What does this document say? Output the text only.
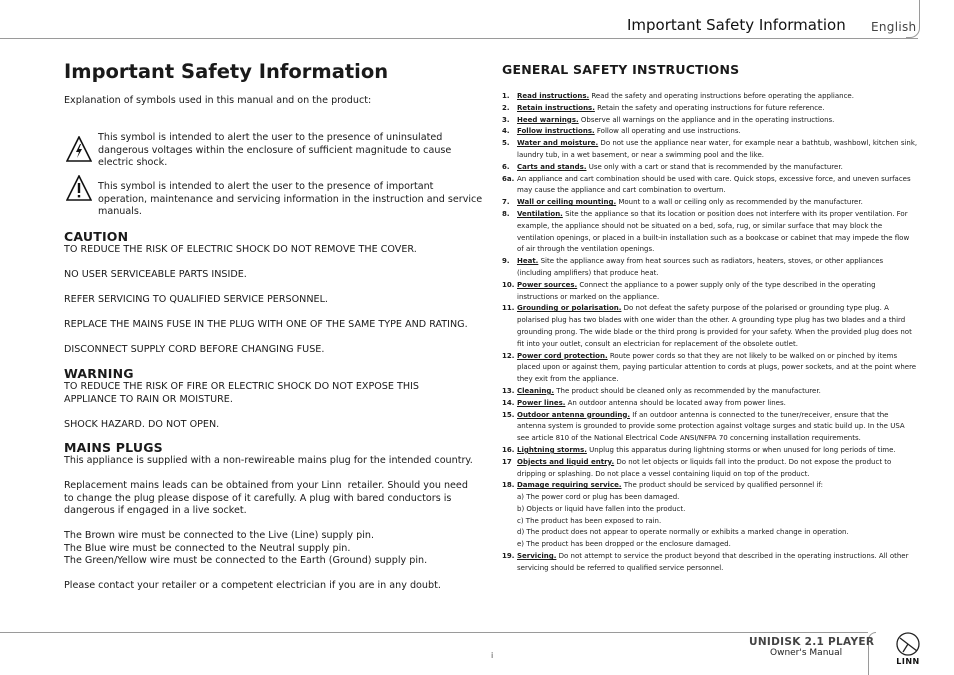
Important Safety Information English
Important Safety Information

Explanation of symbols used in this manual and on the product:

This symbol is intended to alert the user to the presence of uninsulated dangerous voltages within the enclosure of sufficient magnitude to cause electric shock.
This symbol is intended to alert the user to the presence of important operation, maintenance and servicing information in the instruction and service manuals.
CAUTION

TO REDUCE THE RISK OF ELECTRIC SHOCK DO NOT REMOVE THE COVER.

NO USER SERVICEABLE PARTS INSIDE.

REFER SERVICING TO QUALIFIED SERVICE PERSONNEL.

REPLACE THE MAINS FUSE IN THE PLUG WITH ONE OF THE SAME TYPE AND RATING.

DISCONNECT SUPPLY CORD BEFORE CHANGING FUSE.

WARNING

TO REDUCE THE RISK OF FIRE OR ELECTRIC SHOCK DO NOT EXPOSE THIS APPLIANCE TO RAIN OR MOISTURE.

SHOCK HAZARD. DO NOT OPEN.

MAINS PLUGS

This appliance is supplied with a non-rewireable mains plug for the intended country.

Replacement mains leads can be obtained from your Linn  retailer. Should you need to change the plug please dispose of it carefully. A plug with bared conductors is dangerous if engaged in a live socket.

The Brown wire must be connected to the Live (Line) supply pin.

The Blue wire must be connected to the Neutral supply pin.

The Green/Yellow wire must be connected to the Earth (Ground) supply pin.

Please contact your retailer or a competent electrician if you are in any doubt.

GENERAL SAFETY INSTRUCTIONS
1. Read instructions. Read the safety and operating instructions before operating the appliance.
2. Retain instructions. Retain the safety and operating instructions for future reference.
3. Heed warnings. Observe all warnings on the appliance and in the operating instructions.
4. Follow instructions. Follow all operating and use instructions.
5. Water and moisture. Do not use the appliance near water, for example near a bathtub, washbowl, kitchen sink, laundry tub, in a wet basement, or near a swimming pool and the like.
6. Carts and stands. Use only with a cart or stand that is recommended by the manufacturer.
6a. An appliance and cart combination should be used with care. Quick stops, excessive force, and uneven surfaces may cause the appliance and cart combination to overturn.
7. Wall or ceiling mounting. Mount to a wall or ceiling only as recommended by the manufacturer.
8. Ventilation. Site the appliance so that its location or position does not interfere with its proper ventilation. For example, the appliance should not be situated on a bed, sofa, rug, or similar surface that may block the ventilation openings, or placed in a built-in installation such as a bookcase or cabinet that may impede the flow of air through the ventilation openings.
9. Heat. Site the appliance away from heat sources such as radiators, heaters, stoves, or other appliances (including amplifiers) that produce heat.
10. Power sources. Connect the appliance to a power supply only of the type described in the operating instructions or marked on the appliance.
11. Grounding or polarisation. Do not defeat the safety purpose of the polarised or grounding type plug. A polarised plug has two blades with one wider than the other. A grounding type plug has two blades and a third grounding prong. The wide blade or the third prong is provided for your safety. When the provided plug does not fit into your outlet, consult an electrician for replacement of the obsolete outlet.
12. Power cord protection. Route power cords so that they are not likely to be walked on or pinched by items placed upon or against them, paying particular attention to cords at plugs, power sockets, and at the point where they exit from the appliance.
13. Cleaning. The product should be cleaned only as recommended by the manufacturer.
14. Power lines. An outdoor antenna should be located away from power lines.
15. Outdoor antenna grounding. If an outdoor antenna is connected to the tuner/receiver, ensure that the antenna system is grounded to provide some protection against voltage surges and static build up. In the USA see article 810 of the National Electrical Code ANSI/NFPA 70 concerning installation requirements.
16. Lightning storms. Unplug this apparatus during lightning storms or when unused for long periods of time.
17 Objects and liquid entry. Do not let objects or liquids fall into the product. Do not expose the product to dripping or splashing. Do not place a vessel containing liquid on top of the product.
18. Damage requiring service. The product should be serviced by qualified personnel if:
a) The power cord or plug has been damaged.
b) Objects or liquid have fallen into the product.
c) The product has been exposed to rain.
d) The product does not appear to operate normally or exhibits a marked change in operation.
e) The product has been dropped or the enclosure damaged.
19. Servicing. Do not attempt to service the product beyond that described in the operating instructions. All other servicing should be referred to qualified service personnel.
UNIDISK 2.1 PLAYER
Owner's Manual
i
LINN
